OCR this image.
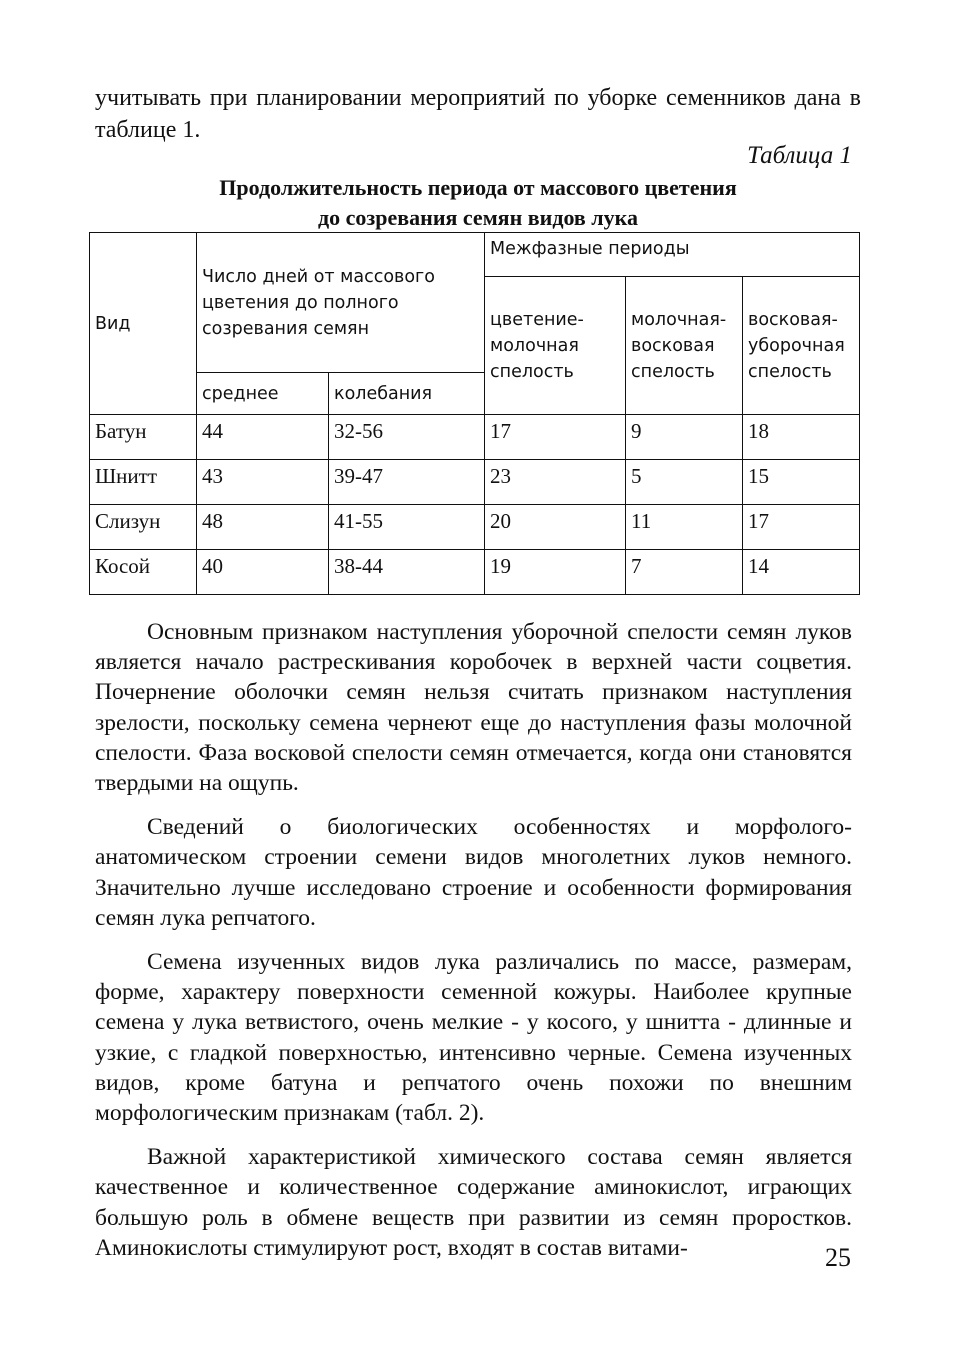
учитывать при планировании мероприятий по уборке семенников дана в таблице 1.

Таблица 1

Продолжительность периода от массового цветения
до созревания семян видов лука
Вид	Число дней от массового цветения до полного созревания семян		Межфазные периоды		
			цветение-молочная спелость	молочная-восковая спелость	восковая-уборочная спелость
	среднее	колебания			
Батун	44	32-56	17	9	18
Шнитт	43	39-47	23	5	15
Слизун	48	41-55	20	11	17
Косой	40	38-44	19	7	14

Основным признаком наступления уборочной спелости семян луков является начало растрескивания коробочек в верхней части соцветия. Почернение оболочки семян нельзя считать признаком наступления зрелости, поскольку семена чернеют еще до наступления фазы молочной спелости. Фаза восковой спелости семян отмечается, когда они становятся твердыми на ощупь.

Сведений о биологических особенностях и морфолого-анатомическом строении семени видов многолетних луков немного. Значительно лучше исследовано строение и особенности формирования семян лука репчатого.

Семена изученных видов лука различались по массе, размерам, форме, характеру поверхности семенной кожуры. Наиболее крупные семена у лука ветвистого, очень мелкие - у косого, у шнитта - длинные и узкие, с гладкой поверхностью, интенсивно черные. Семена изученных видов, кроме батуна и репчатого очень похожи по внешним морфологическим признакам (табл. 2).

Важной характеристикой химического состава семян является качественное и количественное содержание аминокислот, играющих большую роль в обмене веществ при развитии из семян проростков. Аминокислоты стимулируют рост, входят в состав витами-	25
